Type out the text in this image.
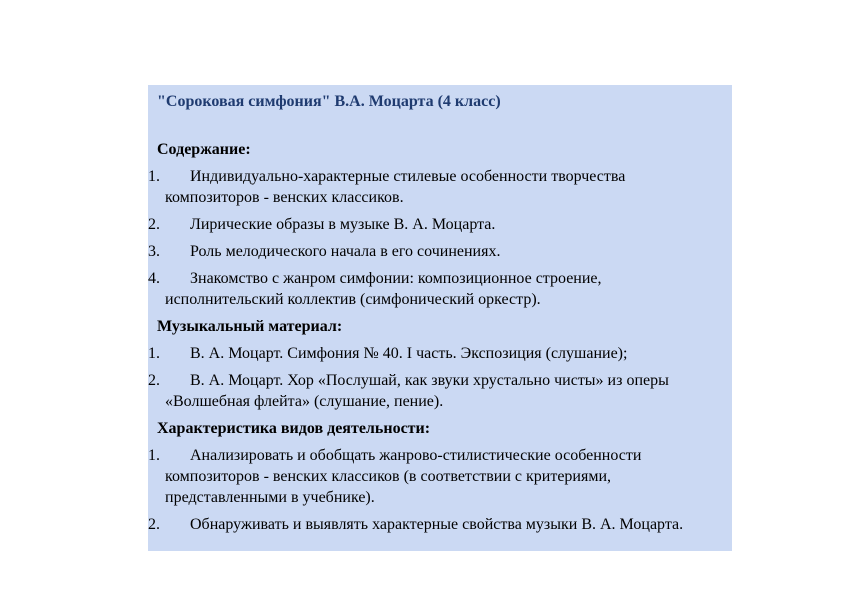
"Сороковая симфония" В.А. Моцарта (4 класс)

Содержание:

1. Индивидуально-характерные стилевые особенности творчества композиторов - венских классиков.

2. Лирические образы в музыке В. А. Моцарта.

3. Роль мелодического начала в его сочинениях.

4. Знакомство с жанром симфонии: композиционное строение, исполнительский коллектив (симфонический оркестр).

Музыкальный материал:

1. В. А. Моцарт. Симфония № 40. I часть. Экспозиция (слушание);

2. В. А. Моцарт. Хор «Послушай, как звуки хрустально чисты» из оперы «Волшебная флейта» (слушание, пение).

Характеристика видов деятельности:

1. Анализировать и обобщать жанрово-стилистические особенности композиторов - венских классиков (в соответствии с критериями, представленными в учебнике).

2. Обнаруживать и выявлять характерные свойства музыки В. А. Моцарта.
